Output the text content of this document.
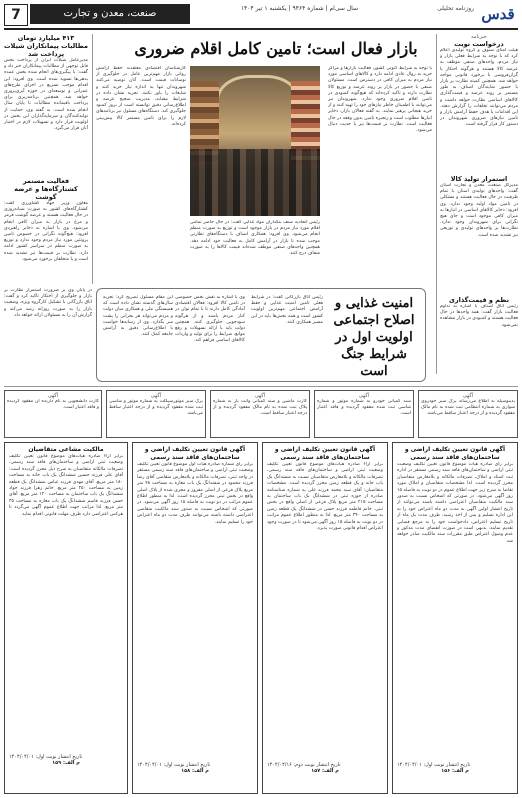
قدس
روزنامه تحلیلی
سال سی‌ام | شماره ۹۴۶۴ | یکشنبه ۱ تیر ۱۴۰۴
صنعت، معدن و تجارت
7
خبرنامه
درخواست نوبت
هیئت امنای صنوف و گروه تولیدی اعلام کرد که با توجه به شرایط فعلی بازار و نیاز مردم، واحدهای صنفی موظف به عرضه کالا هستند و هرگونه احتکار یا گران‌فروشی با برخورد قانونی مواجه خواهد شد. همچنین کمیته نظارت بر بازار با حضور نمایندگان اصناف به طور مستمر بر روند عرضه و قیمت‌گذاری کالاهای اساسی نظارت خواهد داشت و مردم می‌توانند تخلفات را گزارش دهند. این اقدامات با هدف حفظ آرامش بازار و تامین نیازهای ضروری شهروندان در دستور کار قرار گرفته است.
استمرار تولید کالا
مدیرکل صنعت، معدن و تجارت استان گفت: واحدهای تولیدی استان با تمام ظرفیت در حال فعالیت هستند و مشکلی در تامین مواد اولیه وجود ندارد. وی افزود: ذخایر کالاهای اساسی در انبارها به میزان کافی موجود است و جای هیچ نگرانی برای شهروندان وجود ندارد. نظارت‌ها بر واحدهای تولیدی و توزیعی نیز تشدید شده است.
نظم و قیمت‌گذاری
رئیس اتاق اصناف با اشاره به تداوم فعالیت بازار گفت: همه واحدها در حال فعالیت هستند و کمبودی در بازار مشاهده نمی‌شود.
بازار فعال است؛ تامین کامل اقلام ضروری
با توجه به شرایط کنونی کشور، فعالیت بازارها و مراکز خرید به روال عادی ادامه دارد و کالاهای اساسی مورد نیاز مردم به میزان کافی در دسترس است. مسئولان صنفی با حضور در بازار بر روند عرضه و توزیع کالا نظارت دارند و تاکید کرده‌اند که هیچ‌گونه کمبودی در تامین اقلام ضروری وجود ندارد. شهروندان نیز می‌توانند با اطمینان خاطر نیازهای خود را تهیه کنند و از خرید هیجانی پرهیز نمایند. به گفته فعالان بازار، ذخایر انبارها مطلوب است و زنجیره تامین بدون وقفه در حال فعالیت است. نظارت بر قیمت‌ها نیز با جدیت دنبال می‌شود.
رئیس اتحادیه صنف بنکداران مواد غذایی گفت: در حال حاضر تمامی اقلام مورد نیاز مردم در بازار موجود است و توزیع به صورت منظم انجام می‌شود. وی افزود: همکاری اصناف با دستگاه‌های نظارتی موجب شده تا بازار در آرامش کامل به فعالیت خود ادامه دهد. همچنین واحدهای صنفی موظف شده‌اند قیمت کالاها را به صورت شفاف درج کنند.
کارشناسان اقتصادی معتقدند حفظ آرامش روانی بازار مهم‌ترین عامل در جلوگیری از نوسانات قیمت است. آنان توصیه می‌کنند شهروندان تنها به اندازه نیاز خرید کنند و شایعات را باور نکنند. تجربه نشان داده در شرایط مشابه، مدیریت صحیح عرضه و اطلاع‌رسانی دقیق توانسته است از بروز کمبود جلوگیری کند. دستگاه‌های مسئول نیز برنامه‌های لازم را برای تامین مستمر کالا پیش‌بینی کرده‌اند.
۴۱۳ میلیارد تومان مطالبات پیمانکاران شیلات پرداخت شد
مدیرعامل شیلات ایران از پرداخت بخش قابل توجهی از مطالبات پیمانکاران خبر داد و گفت: با پیگیری‌های انجام شده بخش عمده بدهی‌ها تسویه شده است. وی افزود: این اقدام موجب تسریع در اجرای طرح‌های عمرانی و توسعه‌ای در حوزه آبزی‌پروری خواهد شد. همچنین برنامه‌ریزی برای پرداخت باقیمانده مطالبات تا پایان سال انجام شده است. به گفته وی، حمایت از تولیدکنندگان و سرمایه‌گذاران این بخش در اولویت قرار دارد و تسهیلات لازم در اختیار آنان قرار می‌گیرد.
فعالیت مستمر کشتارگاه‌ها و عرضه گوشت
معاون وزیر جهاد کشاورزی گفت: کشتارگاه‌های کشور به صورت شبانه‌روزی در حال فعالیت هستند و عرضه گوشت قرمز و مرغ در بازار به میزان کافی انجام می‌شود. وی با اشاره به ذخایر راهبردی افزود: هیچ‌گونه نگرانی در خصوص تامین پروتئین مورد نیاز مردم وجود ندارد و توزیع به صورت منظم در سراسر کشور ادامه دارد. نظارت بر قیمت‌ها نیز تشدید شده است و با متخلفان برخورد می‌شود.
امنیت غذایی و اصلاح اجتماعی اولویت اول در شرایط جنگ است
رئیس اتاق بازرگانی گفت: در شرایط فعلی تامین امنیت غذایی و حفظ آرامش اجتماعی مهم‌ترین اولویت کشور است و همه بخش‌ها باید در این مسیر همکاری کنند.
وی با اشاره به نقش بخش خصوصی در تامین کالا افزود: فعالان اقتصادی آمادگی کامل دارند تا با تمام توان در کنار مردم باشند و از هرگونه سودجویی جلوگیری کنند. همچنین دولت باید با ارائه تسهیلات و رفع موانع، شرایط را برای تولید و واردات کالاهای اساسی فراهم کند.
این مقام مسئول تصریح کرد: تجربه سال‌های گذشته نشان داده است که همبستگی ملی و همکاری میان دولت و مردم می‌تواند هر بحرانی را پشت سر بگذارد. وی از رسانه‌ها خواست با اطلاع‌رسانی دقیق به آرامش جامعه کمک کنند.
در پایان وی بر ضرورت استمرار نظارت بر بازار و جلوگیری از احتکار تاکید کرد و گفت: اتاق بازرگانی با تشکیل کارگروه ویژه، وضعیت بازار را به صورت روزانه رصد می‌کند و گزارش آن را به مسئولان ارائه خواهد داد.
آگهی
بدینوسیله به اطلاع می‌رساند برگ سبز خودروی سواری به شماره انتظامی ثبت شده به نام مالک مفقود گردیده و از درجه اعتبار ساقط می‌باشد.
آگهی
سند کمپانی خودرو به شماره موتور و شماره شاسی ثبت شده مفقود گردیده و فاقد اعتبار است.
آگهی
کارت ماشین و سند کمپانی وانت بار به شماره پلاک ثبت شده به نام مالک مفقود گردیده و از درجه اعتبار ساقط است.
آگهی
برگ سبز موتورسیکلت به شماره موتور و شاسی ثبت شده مفقود گردیده و از درجه اعتبار ساقط می‌باشد.
آگهی
کارت دانشجویی به نام دارنده آن مفقود گردیده و فاقد اعتبار است.
آگهی قانون تعیین تکلیف اراضی و ساختمان‌های فاقد سند رسمی
برابر رأی صادره هیأت موضوع قانون تعیین تکلیف وضعیت ثبتی اراضی و ساختمان‌های فاقد سند رسمی مستقر در اداره ثبت اسناد و املاک، تصرفات مالکانه و بلامعارض متقاضیان محرز گردیده است. لذا مشخصات متقاضیان و املاک مورد تقاضا به شرح زیر جهت اطلاع عموم در دو نوبت به فاصله ۱۵ روز آگهی می‌شود. در صورتی که اشخاص نسبت به صدور سند مالکیت متقاضیان اعتراضی داشته باشند می‌توانند از تاریخ انتشار اولین آگهی به مدت دو ماه اعتراض خود را به این اداره تسلیم و پس از اخذ رسید، ظرف مدت یک ماه از تاریخ تسلیم اعتراض، دادخواست خود را به مرجع قضایی تقدیم نمایند. بدیهی است در صورت انقضای مدت مذکور و عدم وصول اعتراض طبق مقررات سند مالکیت صادر خواهد شد.
تاریخ انتشار نوبت اول: ۱۴۰۴/۰۴/۰۱
م الف: ۱۵۶
آگهی قانون تعیین تکلیف اراضی و ساختمان‌های فاقد سند رسمی
برابر آراء صادره هیأت‌های موضوع قانون تعیین تکلیف وضعیت ثبتی اراضی و ساختمان‌های فاقد سند رسمی، تصرفات مالکانه و بلامعارض متقاضیان نسبت به ششدانگ یک باب خانه و یک قطعه زمین محرز گردیده است. مشخصات متقاضیان: آقای سید محمد فرزند علی به شماره شناسنامه صادره از حوزه ثبتی در ششدانگ یک باب ساختمان به مساحت ۲۱۵ متر مربع پلاک فرعی از اصلی واقع در بخش ثبتی. خانم فاطمه فرزند حسن در ششدانگ یک قطعه زمین به مساحت ۳۴۰ متر مربع. لذا به منظور اطلاع عموم مراتب در دو نوبت به فاصله ۱۵ روز آگهی می‌شود تا در صورت وجود اعتراض اقدام قانونی صورت پذیرد.
تاریخ انتشار نوبت دوم: ۱۴۰۴/۰۴/۱۶
م الف: ۱۵۷
آگهی قانون تعیین تکلیف اراضی و ساختمان‌های فاقد سند رسمی
برابر رأی شماره صادره هیأت اول موضوع قانون تعیین تکلیف وضعیت ثبتی اراضی و ساختمان‌های فاقد سند رسمی مستقر در واحد ثبتی، تصرفات مالکانه و بلامعارض متقاضی آقای رضا فرزند محمود در ششدانگ یک باب مغازه به مساحت ۴۸ متر مربع پلاک فرعی از اصلی مفروز و مجزی شده از پلاک اصلی واقع در بخش ثبتی محرز گردیده است. لذا به منظور اطلاع عموم مراتب در دو نوبت به فاصله ۱۵ روز آگهی می‌شود. در صورتی که اشخاص نسبت به صدور سند مالکیت متقاضی اعتراضی داشته باشند می‌توانند ظرف مدت دو ماه اعتراض خود را تسلیم نمایند.
تاریخ انتشار نوبت اول: ۱۴۰۴/۰۴/۰۱
م الف: ۱۵۸
مالکیت مشاعی متقاضیان
برابر آراء صادره هیأت‌های موضوع قانون تعیین تکلیف وضعیت ثبتی اراضی و ساختمان‌های فاقد سند رسمی، تصرفات مالکانه متقاضیان به شرح ذیل محرز گردیده است: آقای علی فرزند حسین ششدانگ یک باب خانه به مساحت ۱۸۰ متر مربع. آقای مهدی فرزند عباس ششدانگ یک قطعه زمین به مساحت ۲۵۰ متر مربع. خانم زهرا فرزند جواد ششدانگ یک باب ساختمان به مساحت ۱۲۰ متر مربع. آقای حسن فرزند قاسم ششدانگ یک باب مغازه به مساحت ۳۵ متر مربع. لذا مراتب جهت اطلاع عموم آگهی می‌گردد تا هرکس اعتراضی دارد ظرف مهلت قانونی اقدام نماید.
تاریخ انتشار نوبت اول: ۱۴۰۴/۰۴/۰۱
م الف: ۱۵۹
